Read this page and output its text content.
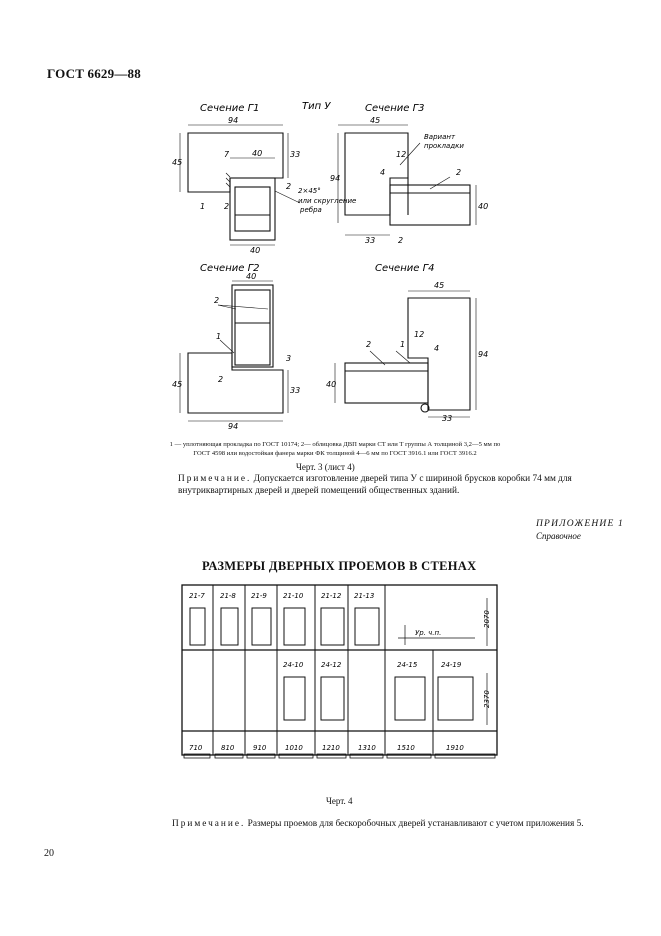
ГОСТ 6629—88
Сечение Г1	Тип У	Сечение Г3
Сечение Г2	Сечение Г4
94
45
40	33
7
2
40
2
1
2×45°
или скругление
ребра
45
94
12
4
33	2
40
2
Вариант
прокладки
40
45
33
3
94
2
2
1
45
94
12
4
40
33
1
2
1 — уплотняющая прокладка по ГОСТ 10174; 2— облицовка ДВП марки СТ или Т группы А толщиной 3,2—5 мм по
ГОСТ 4598 или водостойкая фанера марки ФК толщиной 4—6 мм по ГОСТ 3916.1 или ГОСТ 3916.2
Черт. 3 (лист 4)
Примечание. Допускается изготовление дверей типа У с шириной брусков коробки 74 мм для внутриквартирных дверей и дверей помещений общественных зданий.
ПРИЛОЖЕНИЕ 1
Справочное
РАЗМЕРЫ ДВЕРНЫХ ПРОЕМОВ В СТЕНАХ
21-7 21-8 21-9 21-10	21-12 21-13
24-10	24-12	24-15	24-19
Ур. ч.п.
2070
2370
710	810	910	1010	1210	1310	1510	1910
Черт. 4
Примечание. Размеры проемов для бескоробочных дверей устанавливают с учетом приложения 5.
20
